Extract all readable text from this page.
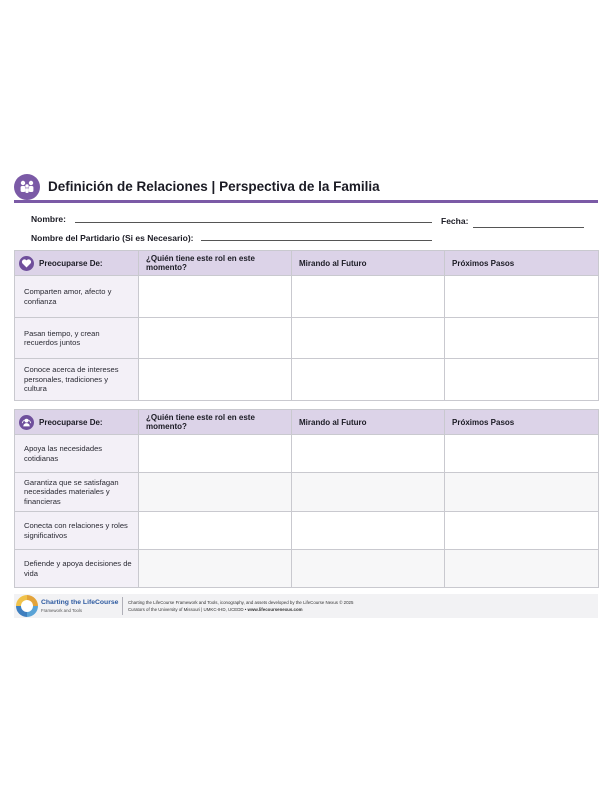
Definición de Relaciones | Perspectiva de la Familia
Nombre:	Fecha:
Nombre del Partidario (Si es Necesario):
Preocuparse De:	¿Quién tiene este rol en este momento?	Mirando al Futuro	Próximos Pasos
Comparten amor, afecto y confianza			
Pasan tiempo, y crean recuerdos juntos			
Conoce acerca de intereses personales, tradiciones y cultura			
Preocuparse De:	¿Quién tiene este rol en este momento?	Mirando al Futuro	Próximos Pasos
Apoya las necesidades cotidianas			
Garantiza que se satisfagan necesidades materiales y financieras			
Conecta con relaciones y roles significativos			
Defiende y apoya decisiones de vida			
Charting the LifeCourse
Framework and Tools
Charting the LifeCourse Framework and Tools, iconography, and assets developed by the LifeCourse Nexus © 2025
Curators of the University of Missouri | UMKC-IHD, UCEDD • www.lifecoursenexus.com
